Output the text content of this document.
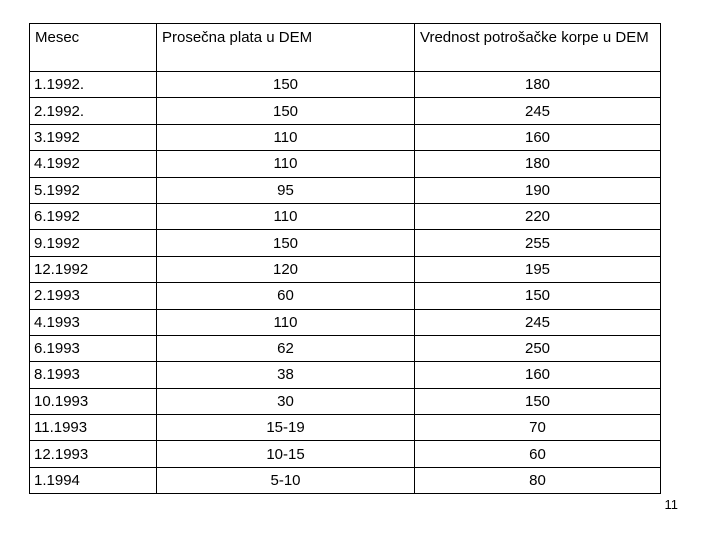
Mesec	Prosečna plata u DEM	Vrednost potrošačke korpe u DEM
1.1992.	150	180
2.1992.	150	245
3.1992	110	160
4.1992	110	180
5.1992	95	190
6.1992	110	220
9.1992	150	255
12.1992	120	195
2.1993	60	150
4.1993	110	245
6.1993	62	250
8.1993	38	160
10.1993	30	150
11.1993	15-19	70
12.1993	10-15	60
1.1994	5-10	80
11
